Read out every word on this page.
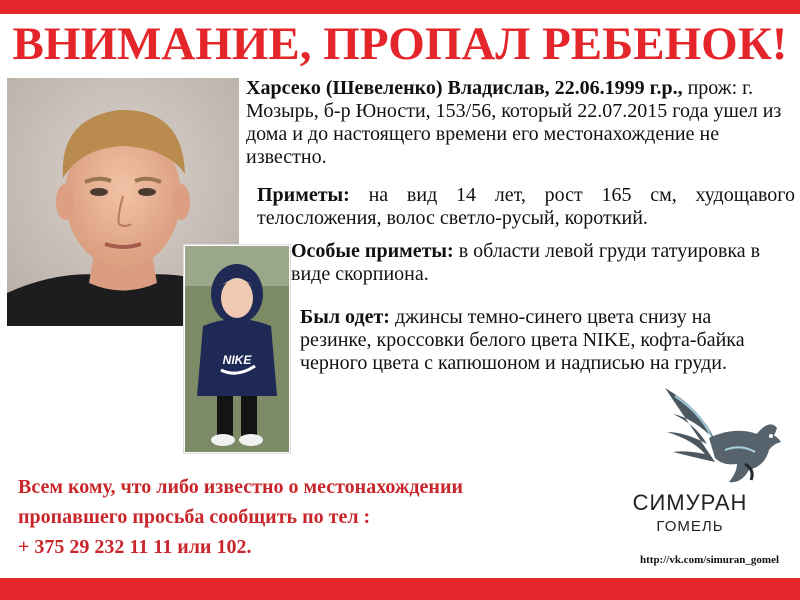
ВНИМАНИЕ, ПРОПАЛ РЕБЕНОК!
NIKE
Харсеко (Шевеленко) Владислав, 22.06.1999 г.р., прож: г. Мозырь, б-р Юности, 153/56, который 22.07.2015 года ушел из дома и до настоящего времени его местонахождение не известно.
Приметы: на вид 14 лет, рост 165 см, худощавого телосложения, волос светло-русый, короткий.
Особые приметы: в области левой груди татуировка в виде скорпиона.
Был одет: джинсы темно-синего цвета снизу на резинке, кроссовки белого цвета NIKE, кофта-байка черного цвета с капюшоном и надписью на груди.
Всем кому, что либо известно о местонахождении
пропавшего просьба сообщить по тел :
+ 375 29 232 11 11 или 102.
СИМУРАН
ГОМЕЛЬ
http://vk.com/simuran_gomel
